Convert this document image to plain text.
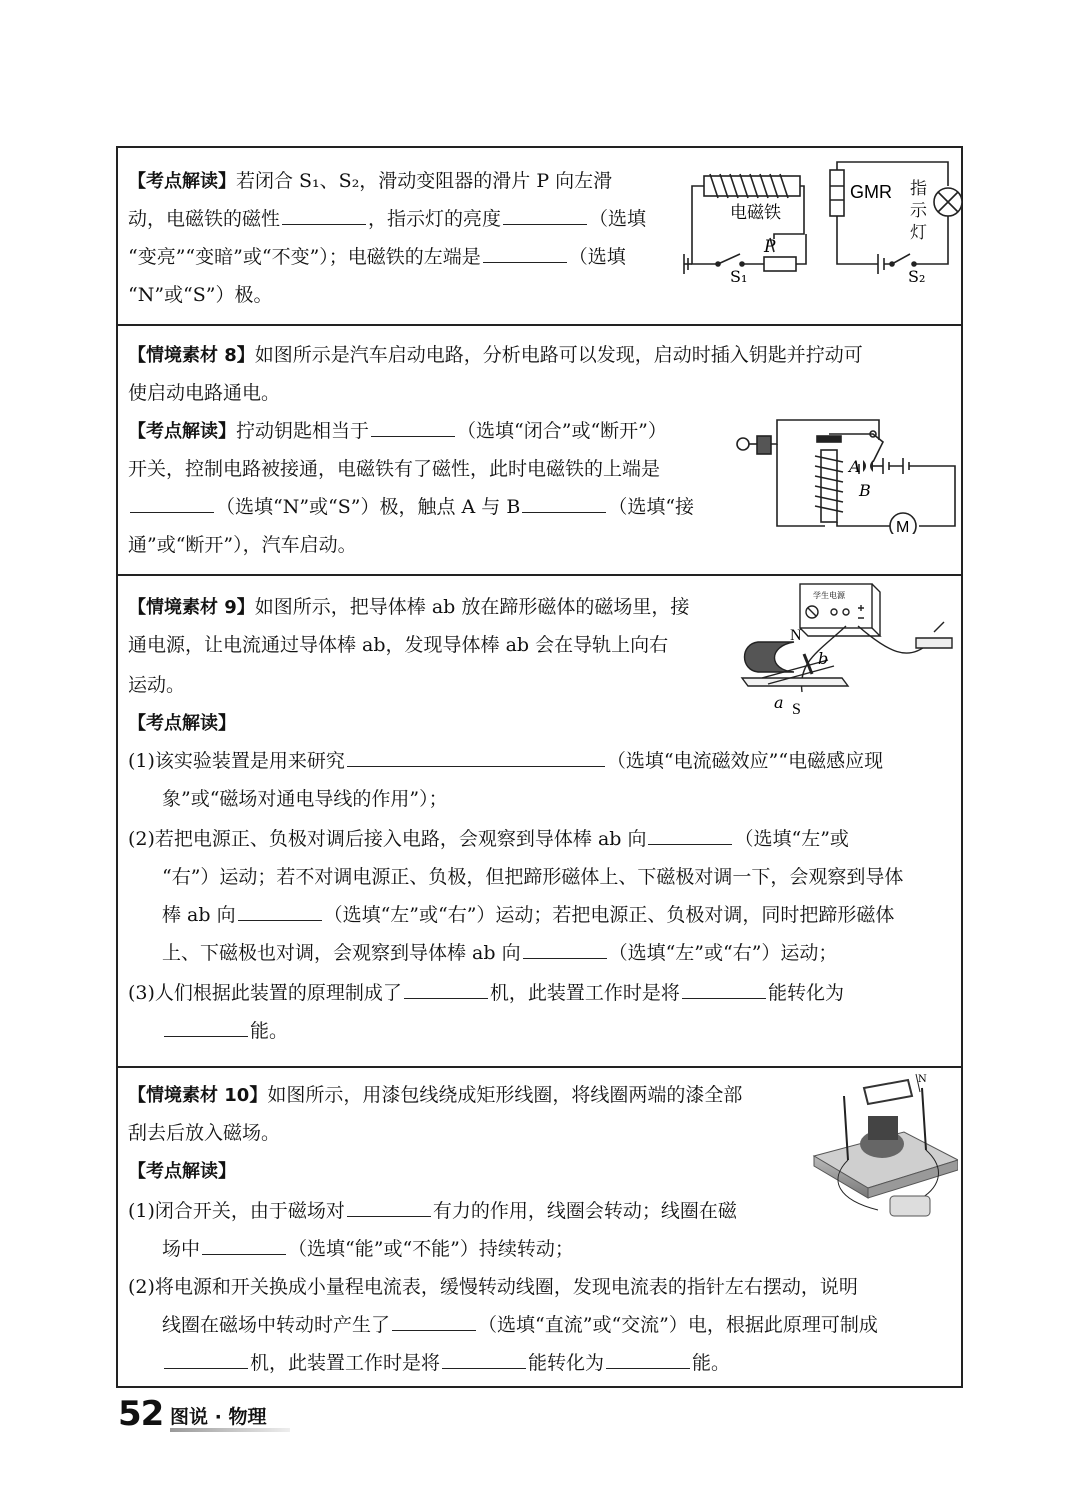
【考点解读】若闭合 S₁、S₂，滑动变阻器的滑片 P 向左滑
动，电磁铁的磁性	，指示灯的亮度	（选填
“变亮”“变暗”或“不变”）；电磁铁的左端是	（选填
“N”或“S”）极。
电磁铁
P
S₁
GMR
S₂
指示灯
【情境素材 8】如图所示是汽车启动电路，分析电路可以发现，启动时插入钥匙并拧动可
使启动电路通电。
【考点解读】拧动钥匙相当于	（选填“闭合”或“断开”）
开关，控制电路被接通，电磁铁有了磁性，此时电磁铁的上端是
（选填“N”或“S”）极，触点 A 与 B	（选填“接
通”或“断开”），汽车启动。
A
B
M
【情境素材 9】如图所示，把导体棒 ab 放在蹄形磁体的磁场里，接
通电源，让电流通过导体棒 ab，发现导体棒 ab 会在导轨上向右
运动。
【考点解读】
(1)该实验装置是用来研究	（选填“电流磁效应”“电磁感应现
象”或“磁场对通电导线的作用”）；
(2)若把电源正、负极对调后接入电路，会观察到导体棒 ab 向	（选填“左”或
“右”）运动；若不对调电源正、负极，但把蹄形磁体上、下磁极对调一下，会观察到导体
棒 ab 向	（选填“左”或“右”）运动；若把电源正、负极对调，同时把蹄形磁体
上、下磁极也对调，会观察到导体棒 ab 向	（选填“左”或“右”）运动；
(3)人们根据此装置的原理制成了	机，此装置工作时是将	能转化为
能。
学生电源
N
S
a
b
【情境素材 10】如图所示，用漆包线绕成矩形线圈，将线圈两端的漆全部
刮去后放入磁场。
【考点解读】
(1)闭合开关，由于磁场对	有力的作用，线圈会转动；线圈在磁
场中	（选填“能”或“不能”）持续转动；
(2)将电源和开关换成小量程电流表，缓慢转动线圈，发现电流表的指针左右摆动，说明
线圈在磁场中转动时产生了	（选填“直流”或“交流”）电，根据此原理可制成
机，此装置工作时是将	能转化为	能。
N
52 图说 · 物理
